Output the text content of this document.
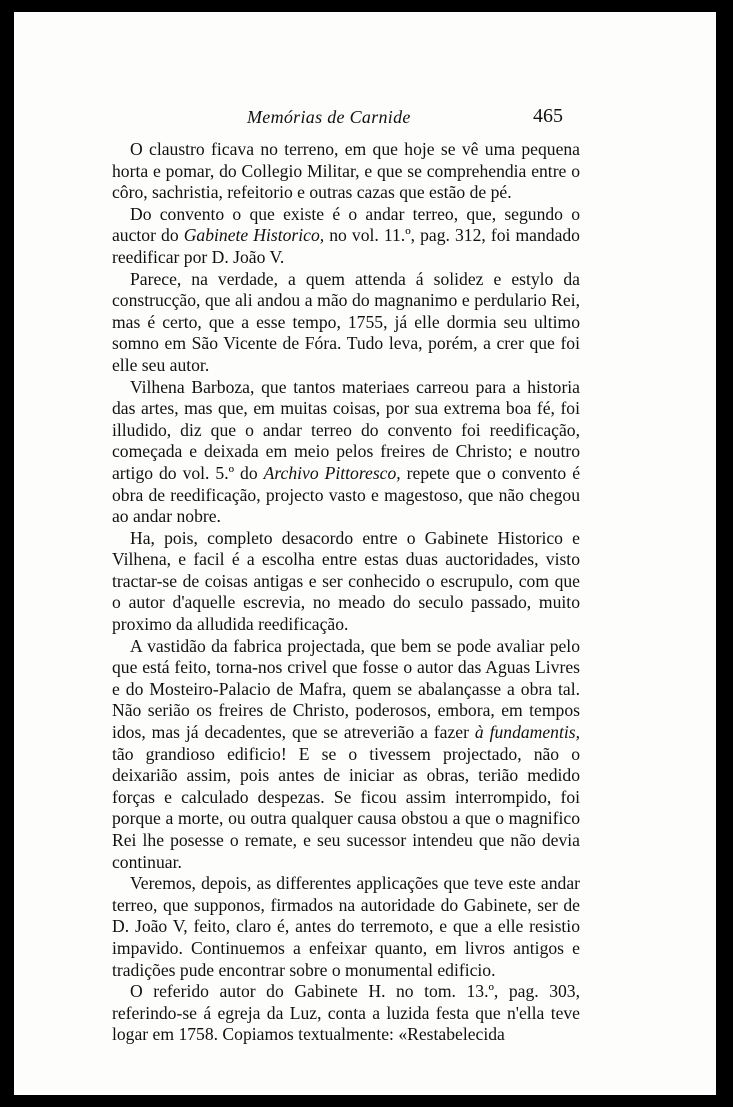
Memórias de Carnide	465

O claustro ficava no terreno, em que hoje se vê uma pequena horta e pomar, do Collegio Militar, e que se comprehendia entre o côro, sachristia, refeitorio e outras cazas que estão de pé.

Do convento o que existe é o andar terreo, que, segundo o auctor do Gabinete Historico, no vol. 11.º, pag. 312, foi mandado reedificar por D. João V.

Parece, na verdade, a quem attenda á solidez e estylo da construcção, que ali andou a mão do magnanimo e perdulario Rei, mas é certo, que a esse tempo, 1755, já elle dormia seu ultimo somno em São Vicente de Fóra. Tudo leva, porém, a crer que foi elle seu autor.

Vilhena Barboza, que tantos materiaes carreou para a historia das artes, mas que, em muitas coisas, por sua extrema boa fé, foi illudido, diz que o andar terreo do convento foi reedificação, começada e deixada em meio pelos freires de Christo; e noutro artigo do vol. 5.º do Archivo Pittoresco, repete que o convento é obra de reedificação, projecto vasto e magestoso, que não chegou ao andar nobre.

Ha, pois, completo desacordo entre o Gabinete Historico e Vilhena, e facil é a escolha entre estas duas auctoridades, visto tractar-se de coisas antigas e ser conhecido o escrupulo, com que o autor d'aquelle escrevia, no meado do seculo passado, muito proximo da alludida reedificação.

A vastidão da fabrica projectada, que bem se pode avaliar pelo que está feito, torna-nos crivel que fosse o autor das Aguas Livres e do Mosteiro-Palacio de Mafra, quem se abalançasse a obra tal. Não serião os freires de Christo, poderosos, embora, em tempos idos, mas já decadentes, que se atreverião a fazer à fundamentis, tão grandioso edificio! E se o tivessem projectado, não o deixarião assim, pois antes de iniciar as obras, terião medido forças e calculado despezas. Se ficou assim interrompido, foi porque a morte, ou outra qualquer causa obstou a que o magnifico Rei lhe posesse o remate, e seu sucessor intendeu que não devia continuar.

Veremos, depois, as differentes applicações que teve este andar terreo, que supponos, firmados na autoridade do Gabinete, ser de D. João V, feito, claro é, antes do terremoto, e que a elle resistio impavido. Continuemos a enfeixar quanto, em livros antigos e tradições pude encontrar sobre o monumental edificio.

O referido autor do Gabinete H. no tom. 13.º, pag. 303, referindo-se á egreja da Luz, conta a luzida festa que n'ella teve logar em 1758. Copiamos textualmente: «Restabelecida
